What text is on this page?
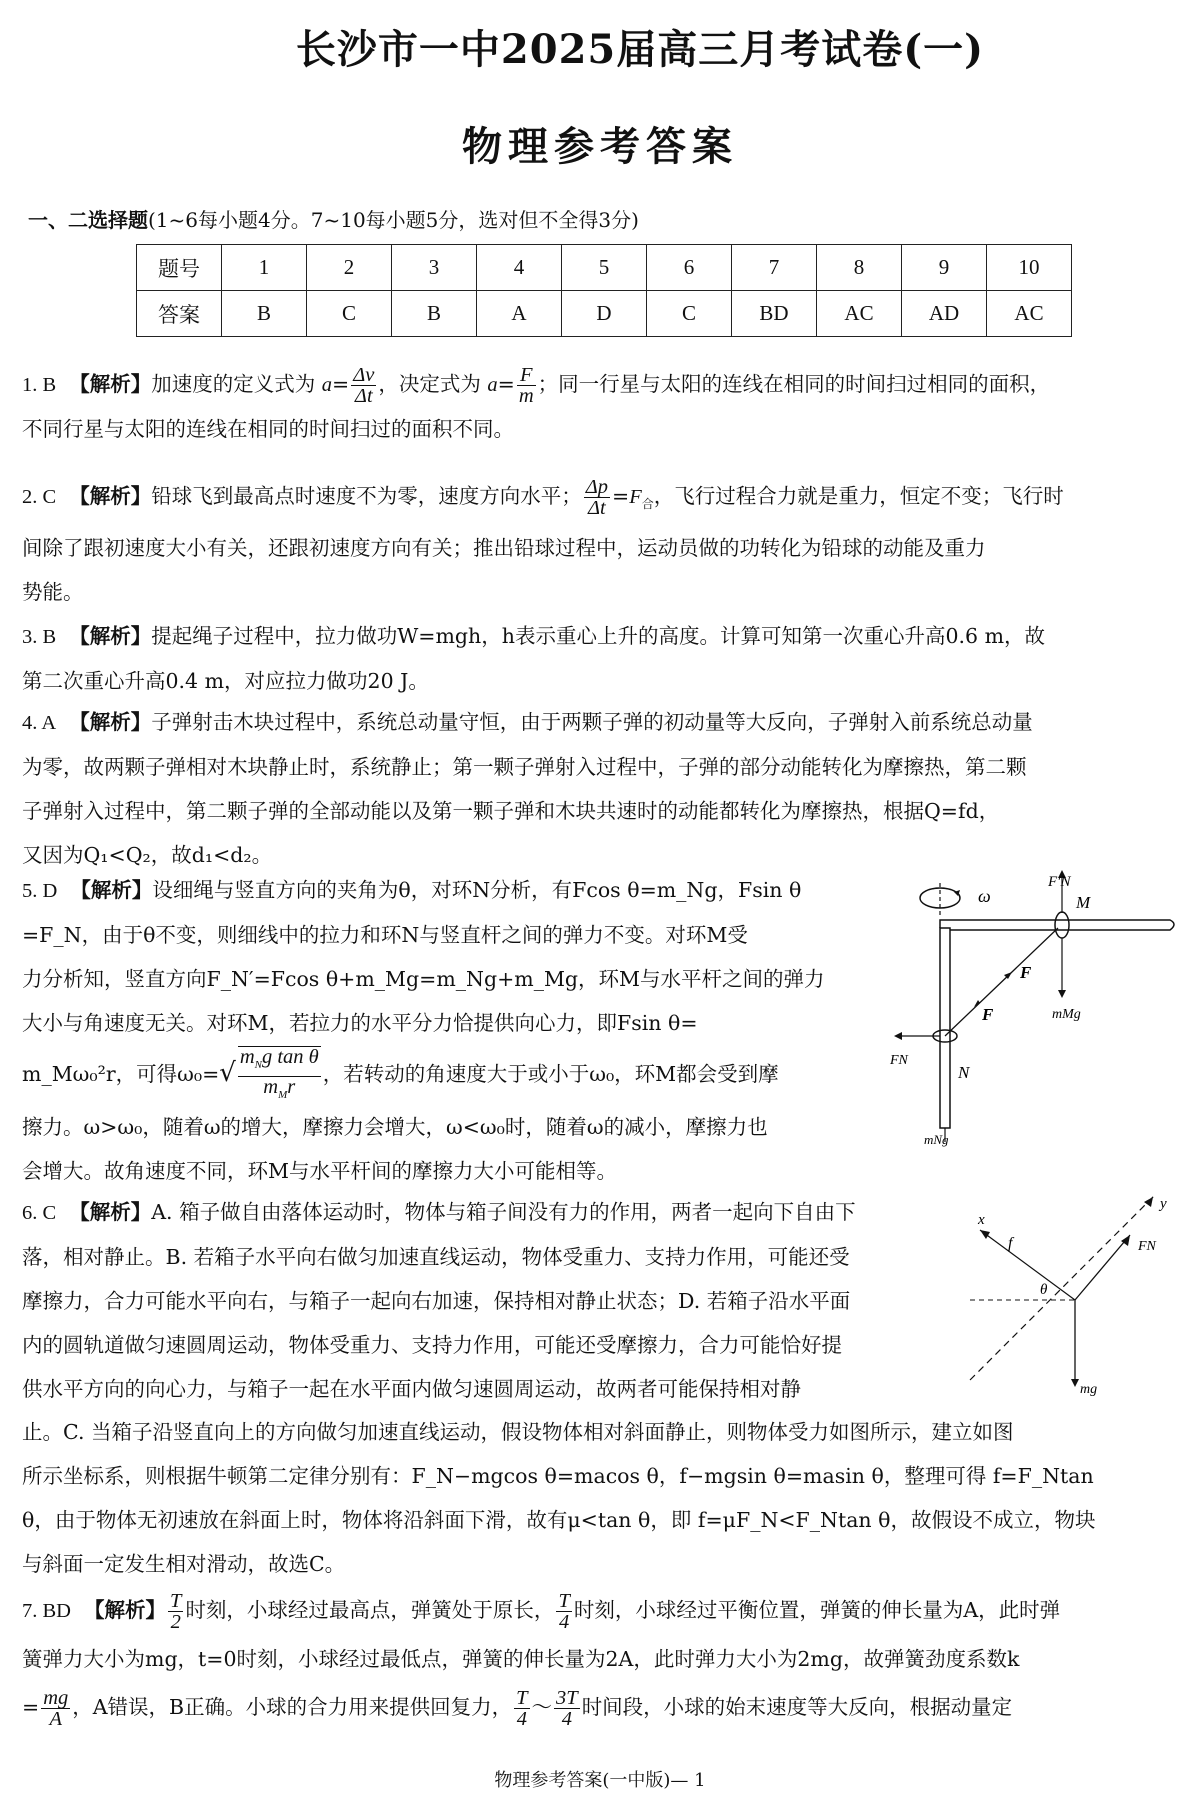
长沙市一中2025届高三月考试卷(一)
物理参考答案
一、二选择题(1~6每小题4分。7~10每小题5分，选对但不全得3分)
题号	1	2	3	4	5	6	7	8	9	10
答案	B	C	B	A	D	C	BD	AC	AD	AC
1. B 【解析】加速度的定义式为 $a= \frac{\Delta v}{\Delta t}$ ，决定式为 $a= \frac{F}{m}$ ；同一行星与太阳的连线在相同的时间扫过相同的面积，
不同行星与太阳的连线在相同的时间扫过的面积不同。
2. C 【解析】铅球飞到最高点时速度不为零，速度方向水平； $\frac{\Delta p}{\Delta t} =F_合$，飞行过程合力就是重力，恒定不变；飞行时
间除了跟初速度大小有关，还跟初速度方向有关；推出铅球过程中，运动员做的功转化为铅球的动能及重力
势能。
3. B 【解析】提起绳子过程中，拉力做功W=mgh，h表示重心上升的高度。计算可知第一次重心升高0.6 m，故
第二次重心升高0.4 m，对应拉力做功20 J。
4. A 【解析】子弹射击木块过程中，系统总动量守恒，由于两颗子弹的初动量等大反向，子弹射入前系统总动量
为零，故两颗子弹相对木块静止时，系统静止；第一颗子弹射入过程中，子弹的部分动能转化为摩擦热，第二颗
子弹射入过程中，第二颗子弹的全部动能以及第一颗子弹和木块共速时的动能都转化为摩擦热，根据Q=fd，
又因为Q₁<Q₂，故d₁<d₂。
5. D 【解析】设细绳与竖直方向的夹角为θ，对环N分析，有Fcos θ=m_Ng，Fsin θ
=F_N，由于θ不变，则细线中的拉力和环N与竖直杆之间的弹力不变。对环M受
力分析知，竖直方向F_N′=Fcos θ+m_Mg=m_Ng+m_Mg，环M与水平杆之间的弹力
大小与角速度无关。对环M，若拉力的水平分力恰提供向心力，即Fsin θ=
m_Mω₀²r，可得$\omega_0=√ \frac{m_Ng \tan \theta}{m_Mr}$ ，若转动的角速度大于或小于ω₀，环M都会受到摩
擦力。ω>ω₀，随着ω的增大，摩擦力会增大，ω<ω₀时，随着ω的减小，摩擦力也
会增大。故角速度不同，环M与水平杆间的摩擦力大小可能相等。
ω
F′N
M
mMg
F
F
FN
N
mNg
6. C 【解析】A. 箱子做自由落体运动时，物体与箱子间没有力的作用，两者一起向下自由下
落，相对静止。B. 若箱子水平向右做匀加速直线运动，物体受重力、支持力作用，可能还受
摩擦力，合力可能水平向右，与箱子一起向右加速，保持相对静止状态；D. 若箱子沿水平面
内的圆轨道做匀速圆周运动，物体受重力、支持力作用，可能还受摩擦力，合力可能恰好提
供水平方向的向心力，与箱子一起在水平面内做匀速圆周运动，故两者可能保持相对静
止。C. 当箱子沿竖直向上的方向做匀加速直线运动，假设物体相对斜面静止，则物体受力如图所示，建立如图
所示坐标系，则根据牛顿第二定律分别有：F_N−mgcos θ=macos θ，f−mgsin θ=masin θ，整理可得 f=F_Ntan
θ，由于物体无初速放在斜面上时，物体将沿斜面下滑，故有μ<tan θ，即 f=μF_N<F_Ntan θ，故假设不成立，物块
与斜面一定发生相对滑动，故选C。
x
f
y
FN
θ
mg
7. BD 【解析】 $\frac{T}{2}$ 时刻，小球经过最高点，弹簧处于原长， $\frac{T}{4}$ 时刻，小球经过平衡位置，弹簧的伸长量为A，此时弹
簧弹力大小为mg，t=0时刻，小球经过最低点，弹簧的伸长量为2A，此时弹力大小为2mg，故弹簧劲度系数k
= $\frac{mg}{A}$ ，A错误，B正确。小球的合力用来提供回复力， $\frac{T}{4}$ ～ $\frac{3T}{4}$ 时间段，小球的始末速度等大反向，根据动量定
物理参考答案(一中版)— 1
